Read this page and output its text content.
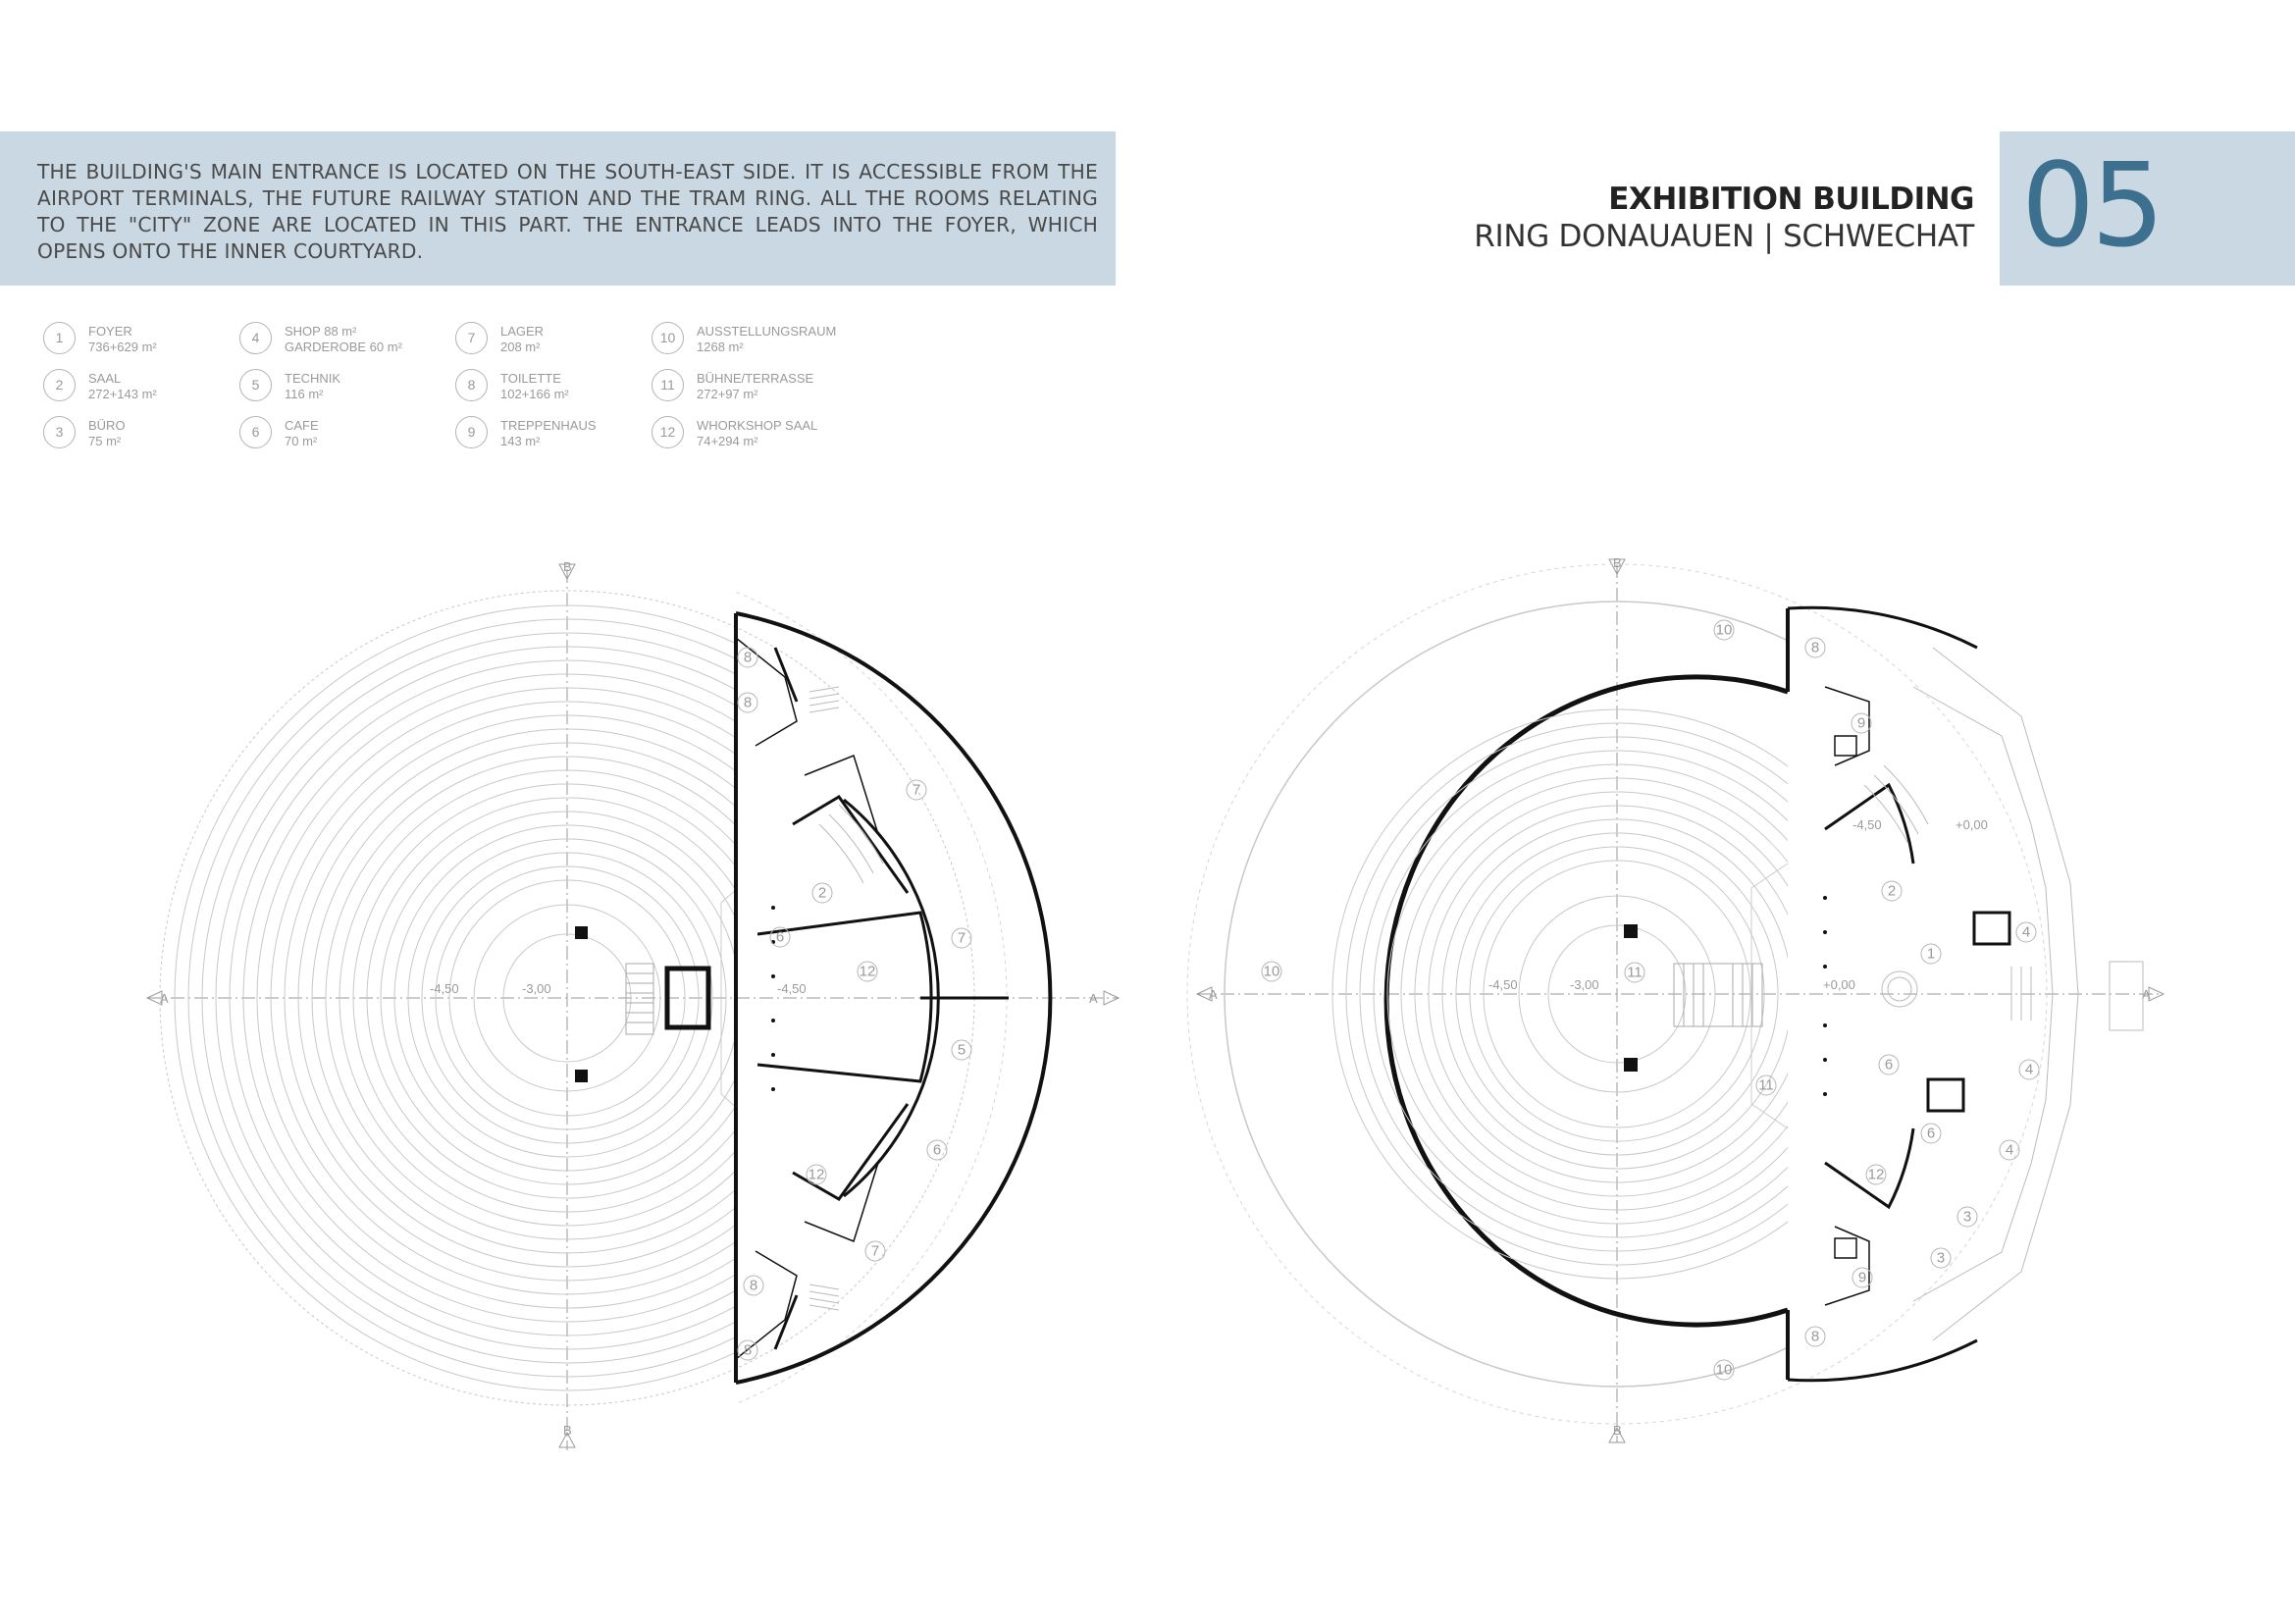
THE BUILDING'S MAIN ENTRANCE IS LOCATED ON THE SOUTH-EAST SIDE. IT IS ACCESSIBLE FROM THE AIRPORT TERMINALS, THE FUTURE RAILWAY STATION AND THE TRAM RING. ALL THE ROOMS RELATING TO THE "CITY" ZONE ARE LOCATED IN THIS PART. THE ENTRANCE LEADS INTO THE FOYER, WHICH OPENS ONTO THE INNER COURTYARD.

EXHIBITION BUILDING
RING DONAUAUEN | SCHWECHAT 05
1	FOYER
736+629 m²
2	SAAL
272+143 m²
3	BÜRO
75 m²
4	SHOP 88 m²
GARDEROBE 60 m²
5	TECHNIK
116 m²
6	CAFE
70 m²
7	LAGER
208 m²
8	TOILETTE
102+166 m²
9	TREPPENHAUS
143 m²
10	AUSSTELLUNGSRAUM
1268 m²
11	BÜHNE/TERRASSE
272+97 m²
12	WHORKSHOP SAAL
74+294 m²
B
B
A	A
-4,50	-3,00	-4,50
8
8
7
2
6	7
12
5
6
12
7
8
8
B
B
A	A
-4,50	-3,00	+0,00
-4,50	+0,00
10
8
9
2
4
1
11
10
11
6	4
6
4
12
3
3
9
8
10
